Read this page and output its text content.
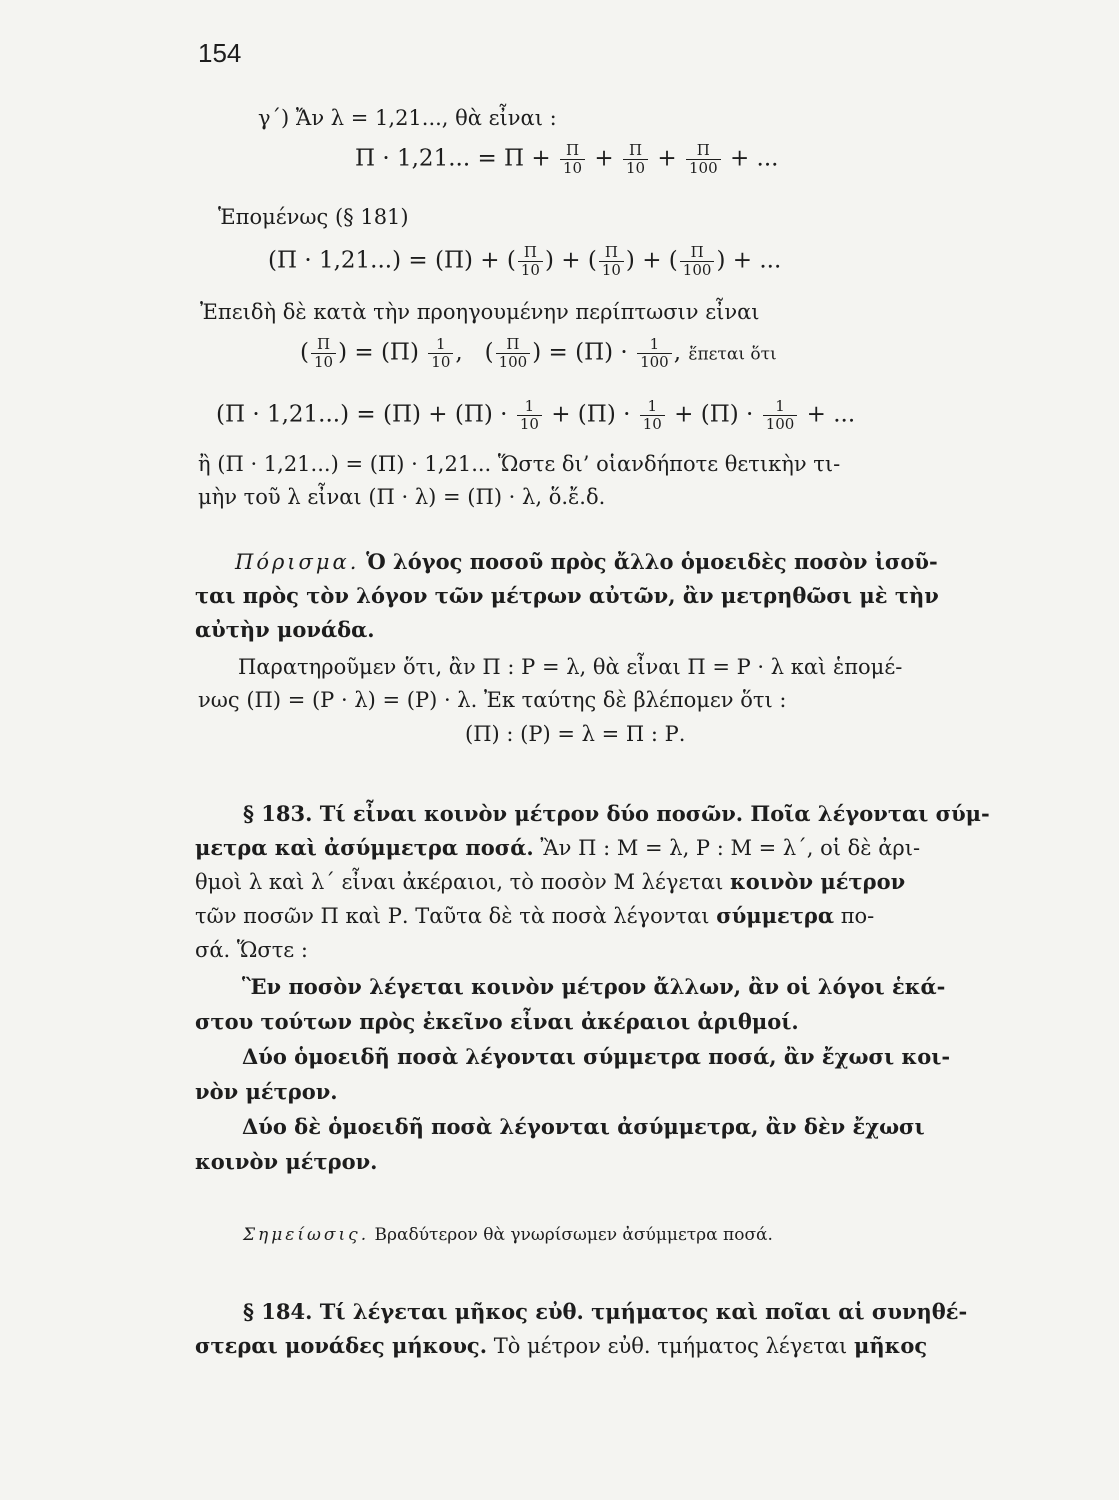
154
γ΄) Ἄν λ = 1,21..., θὰ εἶναι :
Π · 1,21... = $\Pi + \frac{\Pi}{10} + \frac{\Pi}{10} + \frac{\Pi}{100}$ + ...
Ἑπομένως (§ 181)
(Π · 1,21...) = (Π) + ( $\frac{\Pi}{10}$ ) + ( $\frac{\Pi}{10}$ ) + ( $\frac{\Pi}{100}$ ) + ...
Ἐπειδὴ δὲ κατὰ τὴν προηγουμένην περίπτωσιν εἶναι
( $\frac{\Pi}{10}$ ) = $(\Pi) \frac{1}{10}$ ,   ( $\frac{\Pi}{100}$ ) = $(\Pi) \cdot \frac{1}{100}$ , ἕπεται ὅτι
$(\Pi \cdot 1,21...) = (\Pi) + (\Pi) \cdot \frac{1}{10} + (\Pi) \cdot \frac{1}{10} + (\Pi) \cdot \frac{1}{100}$ + ...
ἢ (Π · 1,21...) = (Π) · 1,21... Ὥστε δι’ οἱανδήποτε θετικὴν τι-
μὴν τοῦ λ εἶναι (Π · λ) = (Π) · λ, ὅ.ἔ.δ.
Πόρισμα. Ὁ λόγος ποσοῦ πρὸς ἄλλο ὁμοειδὲς ποσὸν ἰσοῦ-
ται πρὸς τὸν λόγον τῶν μέτρων αὐτῶν, ἂν μετρηθῶσι μὲ τὴν
αὐτὴν μονάδα.
Παρατηροῦμεν ὅτι, ἂν Π : Ρ = λ, θὰ εἶναι Π = Ρ · λ καὶ ἑπομέ-
νως (Π) = (Ρ · λ) = (Ρ) · λ. Ἐκ ταύτης δὲ βλέπομεν ὅτι :
(Π) : (Ρ) = λ = Π : Ρ.
§ 183. Τί εἶναι κοινὸν μέτρον δύο ποσῶν. Ποῖα λέγονται σύμ-
μετρα καὶ ἀσύμμετρα ποσά. Ἂν Π : Μ = λ, Ρ : Μ = λ΄, οἱ δὲ ἀρι-
θμοὶ λ καὶ λ΄ εἶναι ἀκέραιοι, τὸ ποσὸν Μ λέγεται κοινὸν μέτρον
τῶν ποσῶν Π καὶ Ρ. Ταῦτα δὲ τὰ ποσὰ λέγονται σύμμετρα πο-
σά. Ὥστε :
Ἓν ποσὸν λέγεται κοινὸν μέτρον ἄλλων, ἂν οἱ λόγοι ἑκά-
στου τούτων πρὸς ἐκεῖνο εἶναι ἀκέραιοι ἀριθμοί.
Δύο ὁμοειδῆ ποσὰ λέγονται σύμμετρα ποσά, ἂν ἔχωσι κοι-
νὸν μέτρον.
Δύο δὲ ὁμοειδῆ ποσὰ λέγονται ἀσύμμετρα, ἂν δὲν ἔχωσι
κοινὸν μέτρον.
Σημείωσις. Βραδύτερον θὰ γνωρίσωμεν ἀσύμμετρα ποσά.
§ 184. Τί λέγεται μῆκος εὐθ. τμήματος καὶ ποῖαι αἱ συνηθέ-
στεραι μονάδες μήκους. Τὸ μέτρον εὐθ. τμήματος λέγεται μῆκος
